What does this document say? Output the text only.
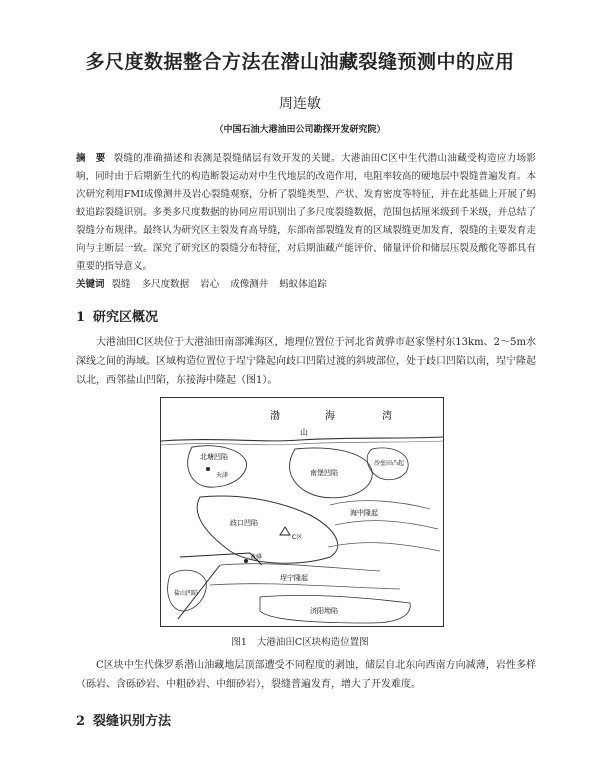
多尺度数据整合方法在潜山油藏裂缝预测中的应用
周连敏
（中国石油大港油田公司勘探开发研究院）
摘　要 裂缝的准确描述和表测是裂缝储层有效开发的关键。大港油田C区中生代潜山油藏受构造应力场影响，同时由于后期新生代的构造断裂运动对中生代地层的改造作用，电阻率较高的硬地层中裂缝普遍发育。本次研究利用FMI成像测井及岩心裂缝观察，分析了裂缝类型、产状、发育密度等特征，并在此基础上开展了蚂蚁追踪裂缝识别。多类多尺度数据的协同应用识别出了多尺度裂缝数据，范围包括厘米级到千米级，并总结了裂缝分布规律。最终认为研究区主裂发育高导缝，东部南部裂缝发育的区域裂缝更加发育，裂缝的主要发育走向与主断层一致。深究了研究区的裂缝分布特征，对后期油藏产能评价、储量评价和储层压裂及酸化等都具有重要的指导意义。
关键词 裂缝 多尺度数据 岩心 成像测井 蚂蚁体追踪
1 研究区概况
大港油田C区块位于大港油田南部滩海区，地理位置位于河北省黄骅市赵家堡村东13km、2～5m水深线之间的海域。区域构造位置位于埕宁隆起向歧口凹陷过渡的斜坡部位，处于歧口凹陷以南，埕宁隆起以北，西邻盐山凹陷，东接海中隆起（图1）。
渤	海	湾
山
北塘凹陷
南堡凹陷
沙垒田凸起
天津
歧口凹陷
海中隆起
C区
黄骅
埕宁隆起
盐山凹陷
济阳坳陷
图1 大港油田C区块构造位置图
C区块中生代侏罗系潜山油藏地层顶部遭受不同程度的剥蚀，储层自北东向西南方向减薄，岩性多样（砾岩、含砾砂岩、中粗砂岩、中细砂岩），裂缝普遍发育，增大了开发难度。
2 裂缝识别方法
